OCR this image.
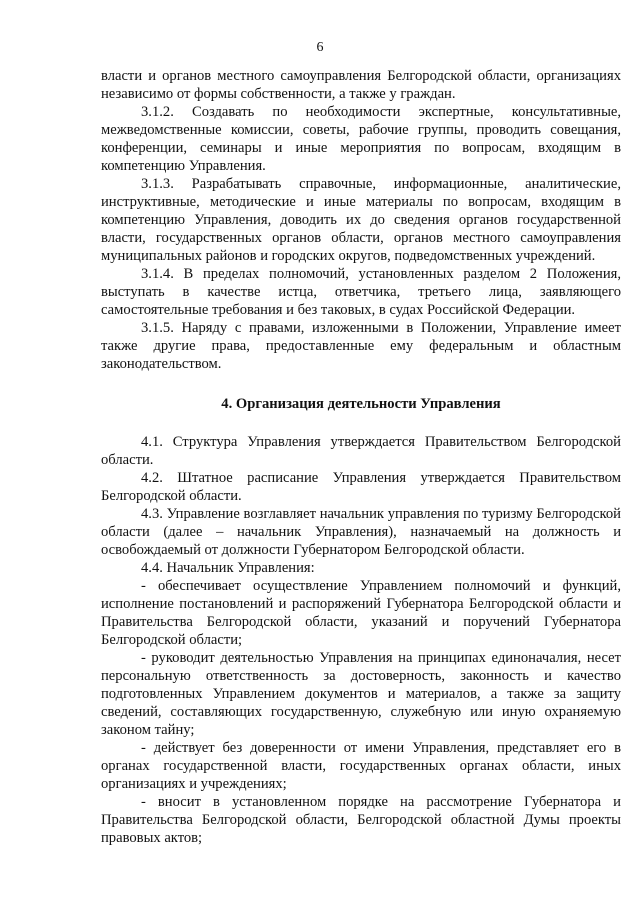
6

власти и органов местного самоуправления Белгородской области, организациях независимо от формы собственности, а также у граждан.

3.1.2. Создавать по необходимости экспертные, консультативные, межведомственные комиссии, советы, рабочие группы, проводить совещания, конференции, семинары и иные мероприятия по вопросам, входящим в компетенцию Управления.

3.1.3. Разрабатывать справочные, информационные, аналитические, инструктивные, методические и иные материалы по вопросам, входящим в компетенцию Управления, доводить их до сведения органов государственной власти, государственных органов области, органов местного самоуправления муниципальных районов и городских округов, подведомственных учреждений.

3.1.4. В пределах полномочий, установленных разделом 2 Положения, выступать в качестве истца, ответчика, третьего лица, заявляющего самостоятельные требования и без таковых, в судах Российской Федерации.

3.1.5. Наряду с правами, изложенными в Положении, Управление имеет также другие права, предоставленные ему федеральным и областным законодательством.

4. Организация деятельности Управления

4.1. Структура Управления утверждается Правительством Белгородской области.

4.2. Штатное расписание Управления утверждается Правительством Белгородской области.

4.3. Управление возглавляет начальник управления по туризму Белгородской области (далее – начальник Управления), назначаемый на должность и освобождаемый от должности Губернатором Белгородской области.

4.4. Начальник Управления:

- обеспечивает осуществление Управлением полномочий и функций, исполнение постановлений и распоряжений Губернатора Белгородской области и Правительства Белгородской области, указаний и поручений Губернатора Белгородской области;

- руководит деятельностью Управления на принципах единоначалия, несет персональную ответственность за достоверность, законность и качество подготовленных Управлением документов и материалов, а также за защиту сведений, составляющих государственную, служебную или иную охраняемую законом тайну;

- действует без доверенности от имени Управления, представляет его в органах государственной власти, государственных органах области, иных организациях и учреждениях;

- вносит в установленном порядке на рассмотрение Губернатора и Правительства Белгородской области, Белгородской областной Думы проекты правовых актов;
